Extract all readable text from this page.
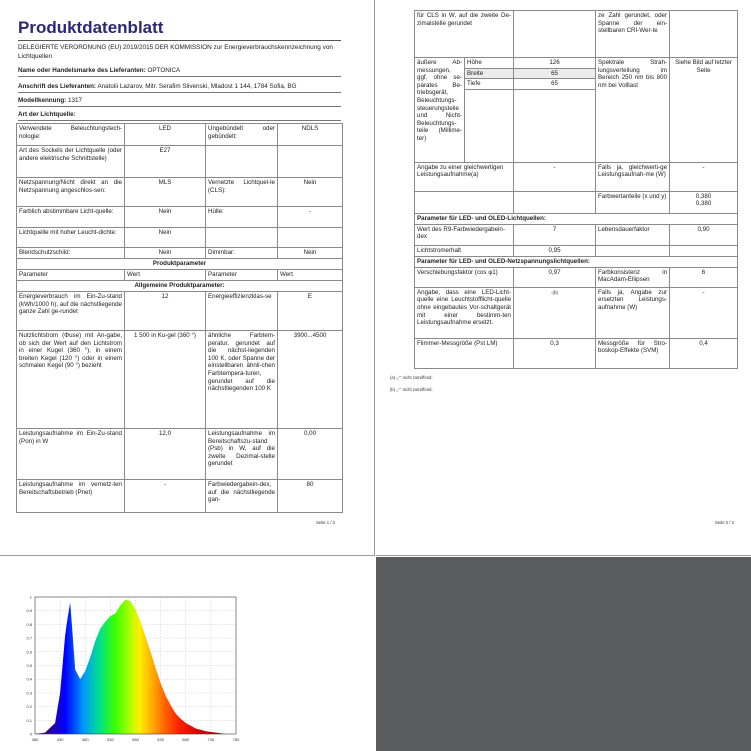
Produktdatenblatt
DELEGIERTE VERORDNUNG (EU) 2019/2015 DER KOMMISSION zur Energieverbrauchskennzeichnung von Lichtquellen
Name oder Handelsmarke des Lieferanten: OPTONICA
Anschrift des Lieferanten: Anatolii Lazarov, Mitr. Serafim Slivenski, Mladost 1 144, 1784 Sofia, BG
Modellkennung: 1317
Art der Lichtquelle:
Verwendete Beleuchtungstech-nologie:	LED	Ungebündelt oder gebündelt:	NDLS
Art des Sockels der Lichtquelle (oder andere elektrische Schnittstelle)	E27		
Netzspannung/Nicht direkt an die Netzspannung angeschlos-sen:	MLS	Vernetzte Lichtquel-le (CLS):	Nein
Farblich abstimmbare Licht-quelle:	Nein	Hülle:	-
Lichtquelle mit hoher Leucht-dichte:	Nein		
Blendschutzschild:	Nein	Dimmbar:	Nein
Produktparameter			
Parameter	Wert	Parameter	Wert
Allgemeine Produktparameter:			
Energieverbrauch im Ein-Zu-stand (kWh/1000 h), auf die nächstliegende ganze Zahl ge-rundet	12	Energieeffizienzklas-se	E
Nutzlichtstrom (Φuse) mit An-gabe, ob sich der Wert auf den Lichtstrom in einer Kugel (360 °), in einem breiten Kegel (120 °) oder in einem schmalen Kegel (90 °) bezieht	1 500 in Ku-gel (360 °)	ähnliche Farbtem-peratur, gerundet auf die nächst-liegenden 100 K, oder Spanne der einstellbaren ähnli-chen Farbtempera-turen, gerundet auf die nächstliegenden 100 K	3900...4500
Leistungsaufnahme im Ein-Zu-stand (Pon) in W	12,0	Leistungsaufnahme im Bereitschaftszu-stand (Psb) in W, auf die zweite Dezimal-stelle gerundet	0,00
Leistungsaufnahme im vernetz-ten Bereitschaftsbetrieb (Pnet)	-	Farbwiedergabein-dex, auf die nächstliegende gan-	80
Seite 1 / 3
für CLS in W, auf die zweite De-zimalstelle gerundet			ze Zahl gerundet, oder Spanne der ein-stellbaren CRI-Wer-te	
äußere Ab-messungen, ggf. ohne se-parates Be-triebsgerät, Beleuchtungs-steuerungsteile und Nicht-Beleuchtungs-teile (Millime-ter)	Höhe	126	Spektrale Strah-lungsverteilung im Bereich 250 nm bis 800 nm bei Volllast	Siehe Bild auf letzter Seite
	Breite	65		
	Tiefe	65		

Angabe zu einer gleichwertigen Leistungsaufnahme(a)		-	Falls ja, gleichwerti-ge Leistungsaufnah-me (W)	-
			Farbwertanteile (x und y)	0,380
0,380
Parameter für LED- und OLED-Lichtquellen:				
Wert des R9-Farbwiedergabein-dex		7	Lebensdauerfaktor	0,90
Lichtstromerhalt		0,95		
Parameter für LED- und OLED-Netzspannungslichtquellen:				
Verschiebungsfaktor (cos φ1)		0,97	Farbkonsistenz in MacAdam-Ellipsen	6
Angabe, dass eine LED-Licht-quelle eine Leuchtstofflicht-quelle ohne eingebautes Vor-schaltgerät mit einer bestimm-ten Leistungsaufnahme ersetzt.		-(b)	Falls ja, Angabe zur ersetzten Leistungs-aufnahme (W)	-
Flimmer-Messgröße (Pst LM)		0,3	Messgröße für Stro-boskop-Effekte (SVM)	0,4
(a) „-“: nicht zutreffend;
(b) „-“: nicht zutreffend;
Seite 2 / 3
0
0.1
0.2
0.3
0.4
0.5
0.6
0.7
0.8
0.9
1
380	430	480	530	580	630	680	730	780
